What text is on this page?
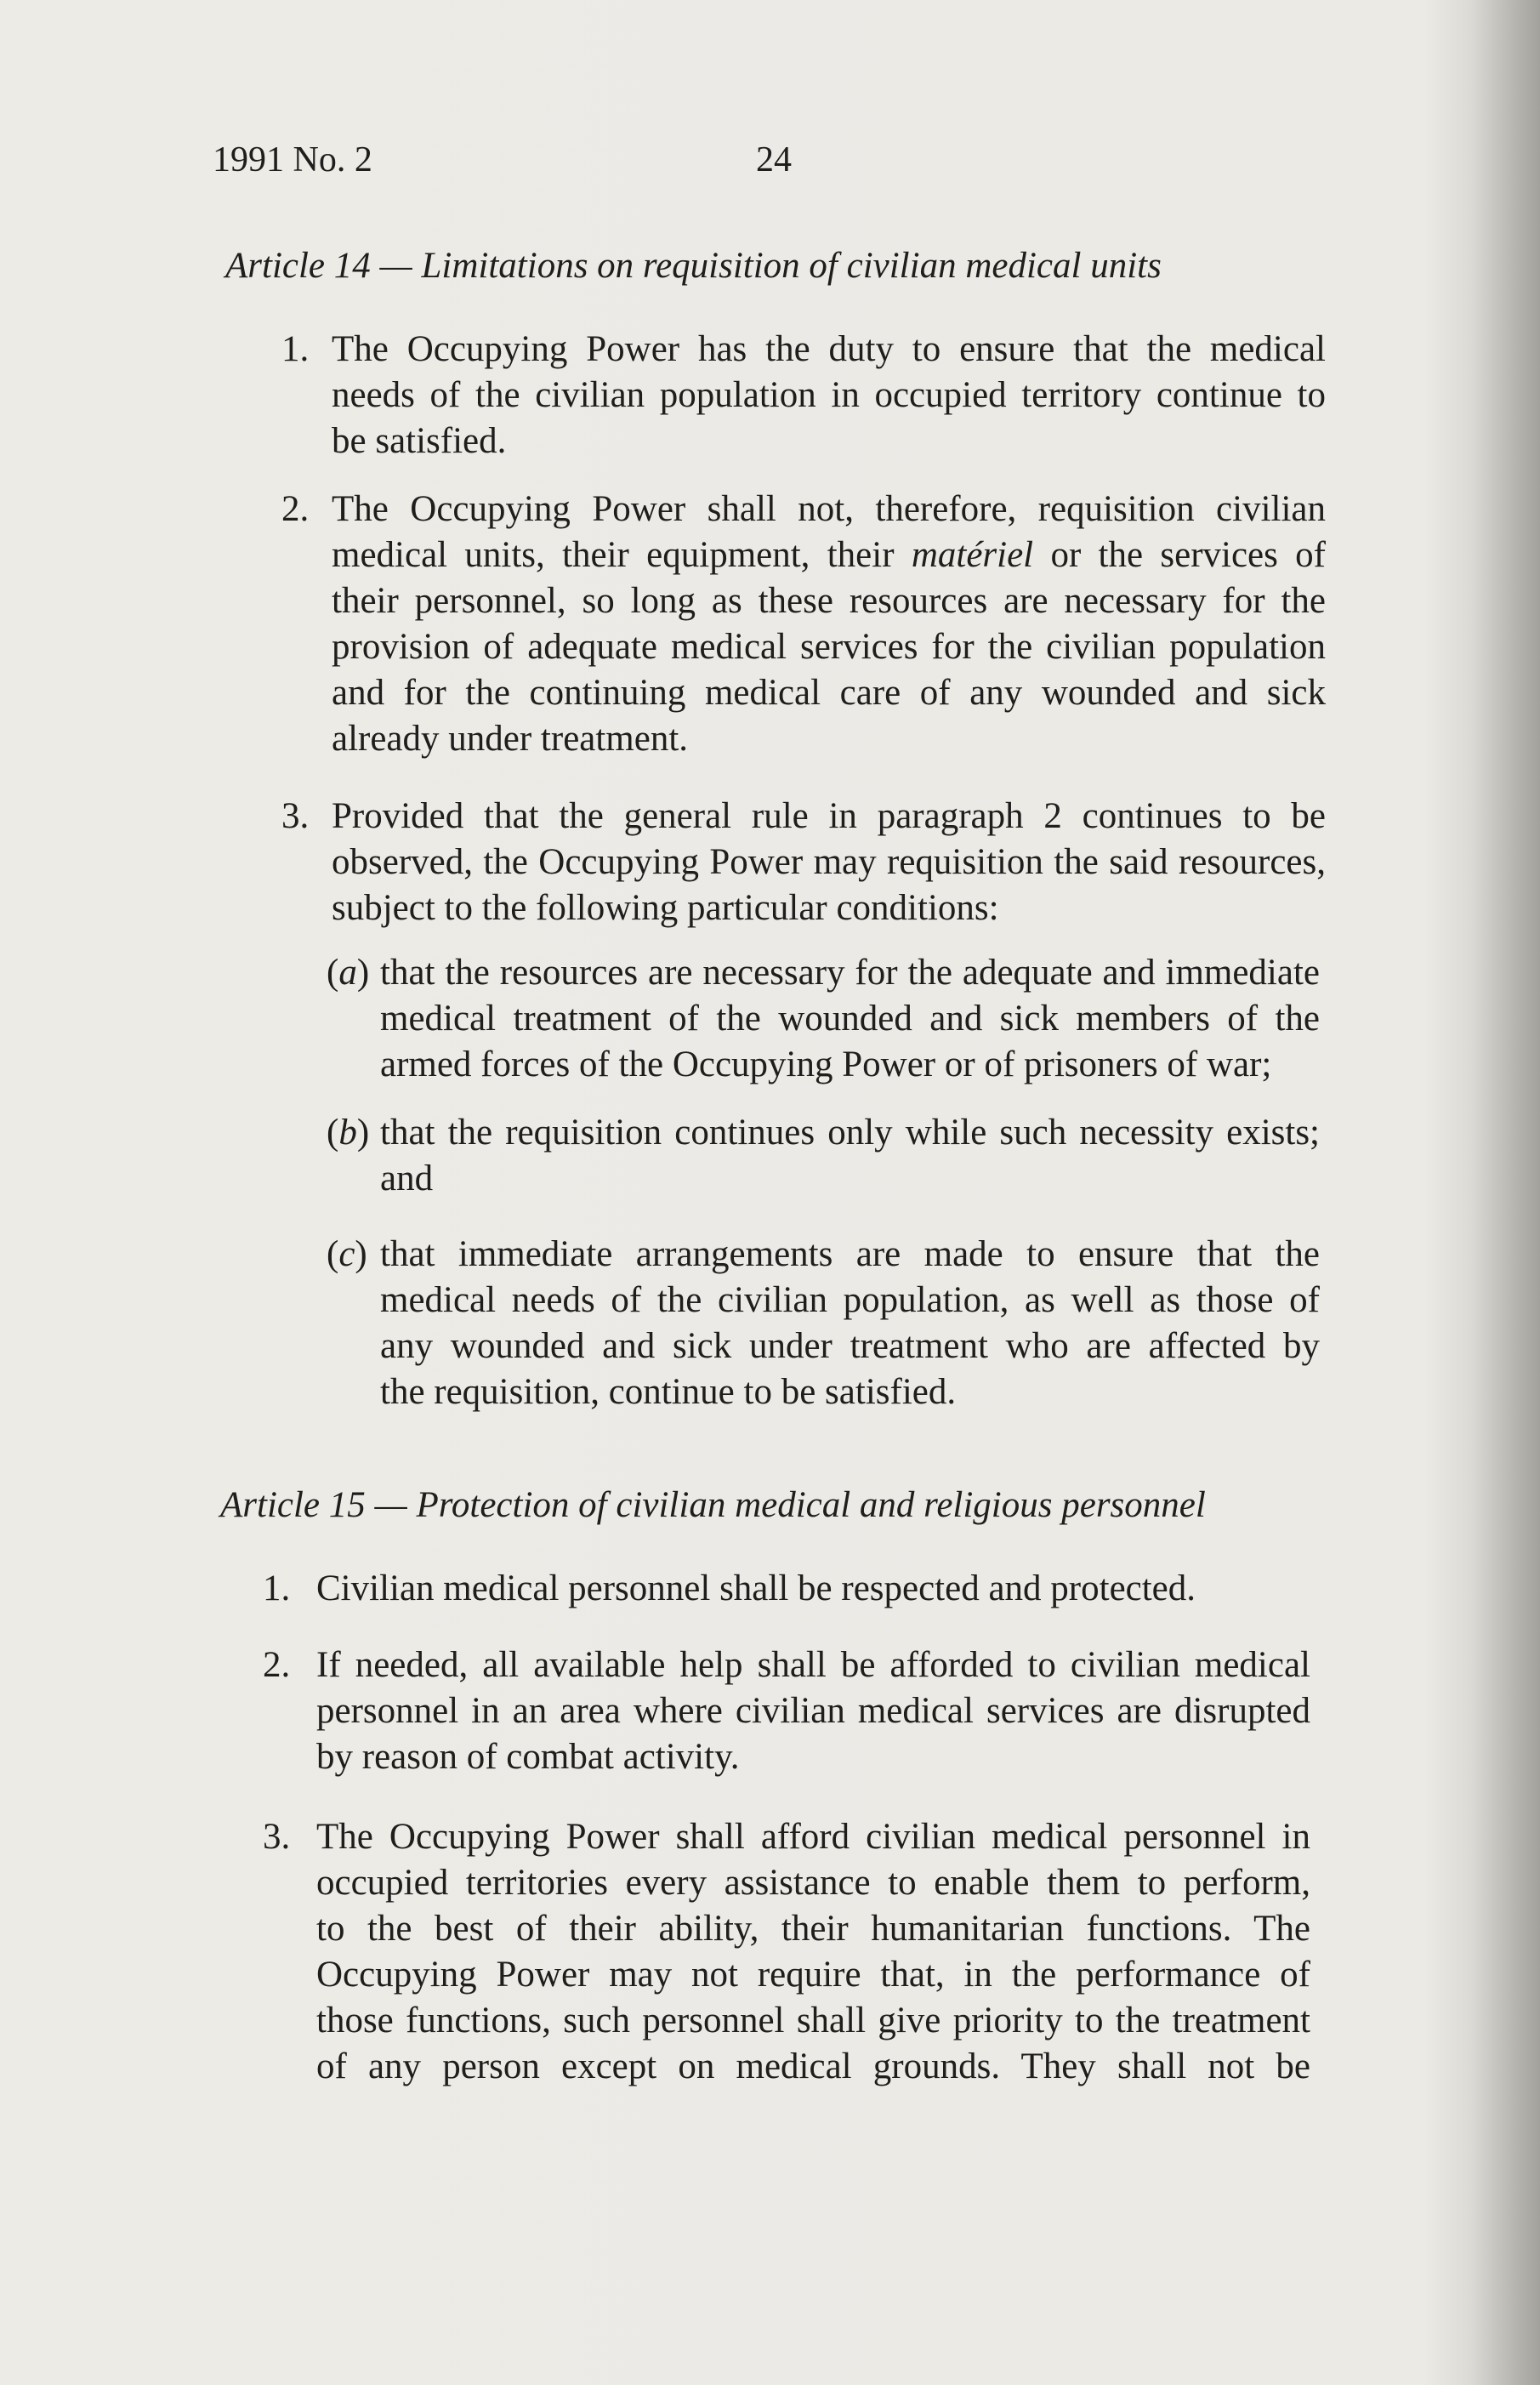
1991 No. 2	24
Article 14 — Limitations on requisition of civilian medical units
1. The Occupying Power has the duty to ensure that the medical
needs of the civilian population in occupied territory continue to
be satisfied.
2. The Occupying Power shall not, therefore, requisition civilian
medical units, their equipment, their matériel or the services of
their personnel, so long as these resources are necessary for the
provision of adequate medical services for the civilian population
and for the continuing medical care of any wounded and sick
already under treatment.
3. Provided that the general rule in paragraph 2 continues to be
observed, the Occupying Power may requisition the said resources,
subject to the following particular conditions:
(a) that the resources are necessary for the adequate and immediate
medical treatment of the wounded and sick members of the
armed forces of the Occupying Power or of prisoners of war;
(b) that the requisition continues only while such necessity exists;
and
(c) that immediate arrangements are made to ensure that the
medical needs of the civilian population, as well as those of
any wounded and sick under treatment who are affected by
the requisition, continue to be satisfied.
Article 15 — Protection of civilian medical and religious personnel
1. Civilian medical personnel shall be respected and protected.
2. If needed, all available help shall be afforded to civilian medical
personnel in an area where civilian medical services are disrupted
by reason of combat activity.
3. The Occupying Power shall afford civilian medical personnel in
occupied territories every assistance to enable them to perform,
to the best of their ability, their humanitarian functions. The
Occupying Power may not require that, in the performance of
those functions, such personnel shall give priority to the treatment
of any person except on medical grounds. They shall not be
